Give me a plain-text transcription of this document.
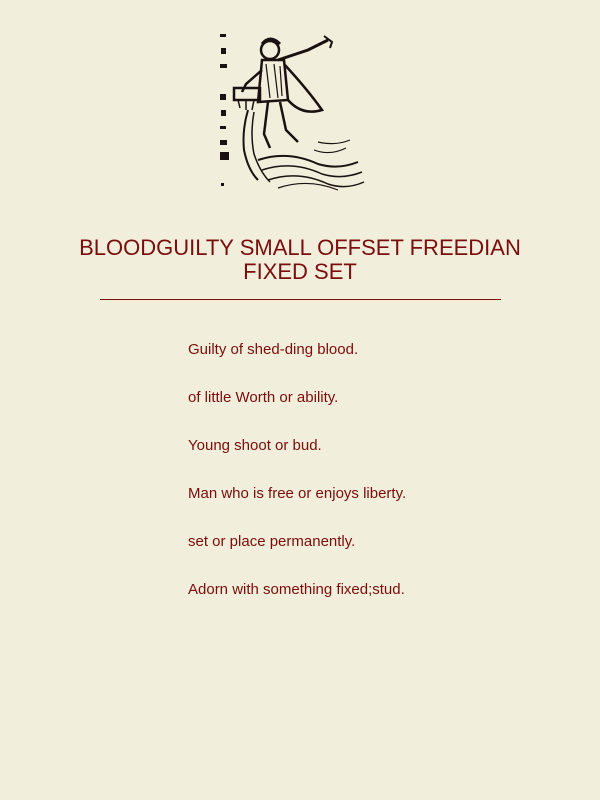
BLOODGUILTY SMALL OFFSET FREEDIAN FIXED SET
Guilty of shed-ding blood.
of little Worth or ability.
Young shoot or bud.
Man who is free or enjoys liberty.
set or place permanently.
Adorn with something fixed;stud.
